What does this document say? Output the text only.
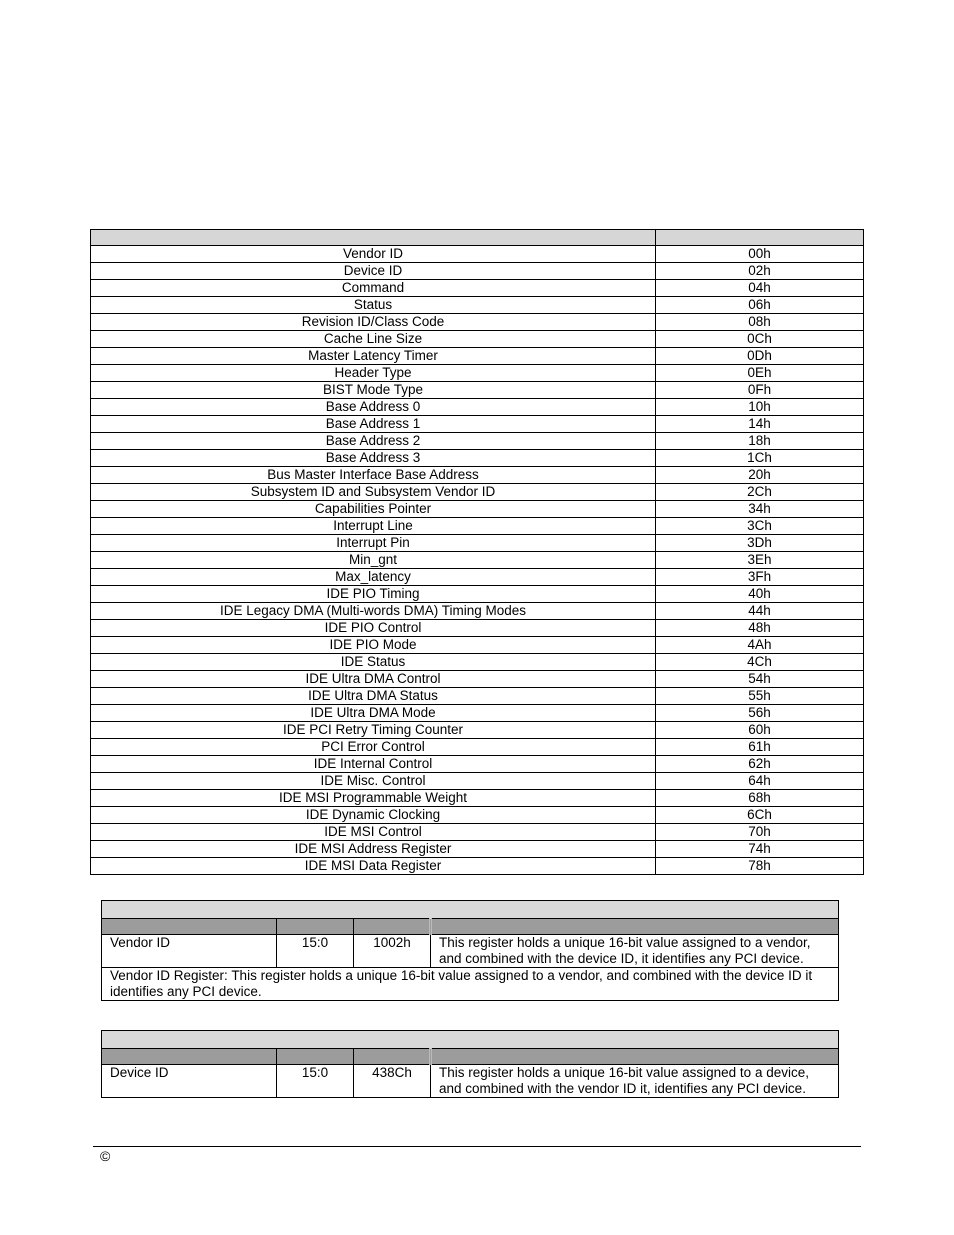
Vendor ID	00h
Device ID	02h
Command	04h
Status	06h
Revision ID/Class Code	08h
Cache Line Size	0Ch
Master Latency Timer	0Dh
Header Type	0Eh
BIST Mode Type	0Fh
Base Address 0	10h
Base Address 1	14h
Base Address 2	18h
Base Address 3	1Ch
Bus Master Interface Base Address	20h
Subsystem ID and Subsystem Vendor ID	2Ch
Capabilities Pointer	34h
Interrupt Line	3Ch
Interrupt Pin	3Dh
Min_gnt	3Eh
Max_latency	3Fh
IDE PIO Timing	40h
IDE Legacy DMA (Multi-words DMA) Timing Modes	44h
IDE PIO Control	48h
IDE PIO Mode	4Ah
IDE Status	4Ch
IDE Ultra DMA Control	54h
IDE Ultra DMA Status	55h
IDE Ultra DMA Mode	56h
IDE PCI Retry Timing Counter	60h
PCI Error Control	61h
IDE Internal Control	62h
IDE Misc. Control	64h
IDE MSI Programmable Weight	68h
IDE Dynamic Clocking	6Ch
IDE MSI Control	70h
IDE MSI Address Register	74h
IDE MSI Data Register	78h

Vendor ID	15:0	1002h	This register holds a unique 16-bit value assigned to a vendor, and combined with the device ID, it identifies any PCI device.
Vendor ID Register: This register holds a unique 16-bit value assigned to a vendor, and combined with the device ID it identifies any PCI device.			

Device ID	15:0	438Ch	This register holds a unique 16-bit value assigned to a device, and combined with the vendor ID it, identifies any PCI device.
©
